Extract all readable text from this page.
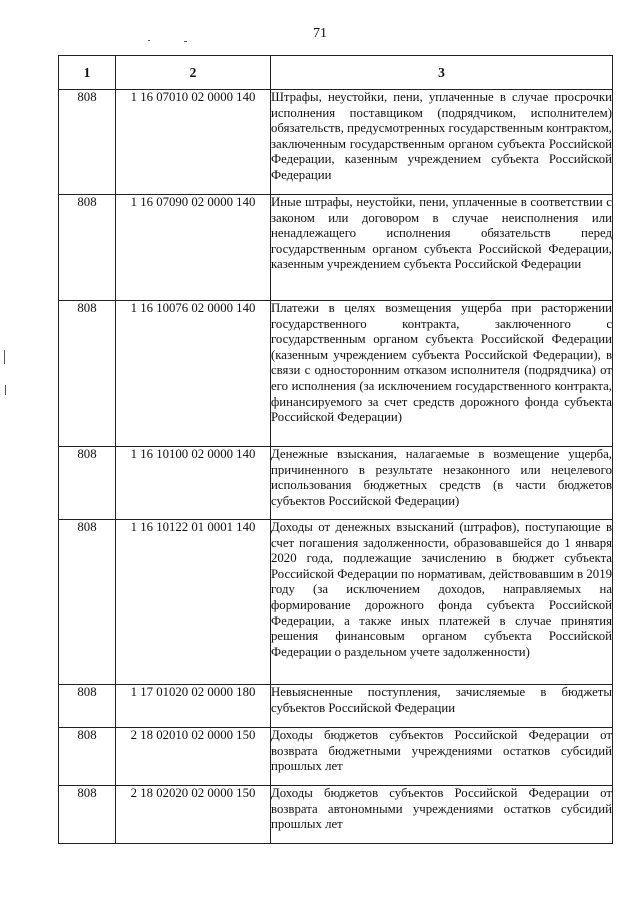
71
1	2	3
808	1 16 07010 02 0000 140	Штрафы, неустойки, пени, уплаченные в случае просрочки исполнения поставщиком (подрядчиком, исполнителем) обязательств, предусмотренных государственным контрактом, заключенным государственным органом субъекта Российской Федерации, казенным учреждением субъекта Российской Федерации
808	1 16 07090 02 0000 140	Иные штрафы, неустойки, пени, уплаченные в соответствии с законом или договором в случае неисполнения или ненадлежащего исполнения обязательств перед государственным органом субъекта Российской Федерации, казенным учреждением субъекта Российской Федерации
808	1 16 10076 02 0000 140	Платежи в целях возмещения ущерба при расторжении государственного контракта, заключенного с государственным органом субъекта Российской Федерации (казенным учреждением субъекта Российской Федерации), в связи с односторонним отказом исполнителя (подрядчика) от его исполнения (за исключением государственного контракта, финансируемого за счет средств дорожного фонда субъекта Российской Федерации)
808	1 16 10100 02 0000 140	Денежные взыскания, налагаемые в возмещение ущерба, причиненного в результате незаконного или нецелевого использования бюджетных средств (в части бюджетов субъектов Российской Федерации)
808	1 16 10122 01 0001 140	Доходы от денежных взысканий (штрафов), поступающие в счет погашения задолженности, образовавшейся до 1 января 2020 года, подлежащие зачислению в бюджет субъекта Российской Федерации по нормативам, действовавшим в 2019 году (за исключением доходов, направляемых на формирование дорожного фонда субъекта Российской Федерации, а также иных платежей в случае принятия решения финансовым органом субъекта Российской Федерации о раздельном учете задолженности)
808	1 17 01020 02 0000 180	Невыясненные поступления, зачисляемые в бюджеты субъектов Российской Федерации
808	2 18 02010 02 0000 150	Доходы бюджетов субъектов Российской Федерации от возврата бюджетными учреждениями остатков субсидий прошлых лет
808	2 18 02020 02 0000 150	Доходы бюджетов субъектов Российской Федерации от возврата автономными учреждениями остатков субсидий прошлых лет
